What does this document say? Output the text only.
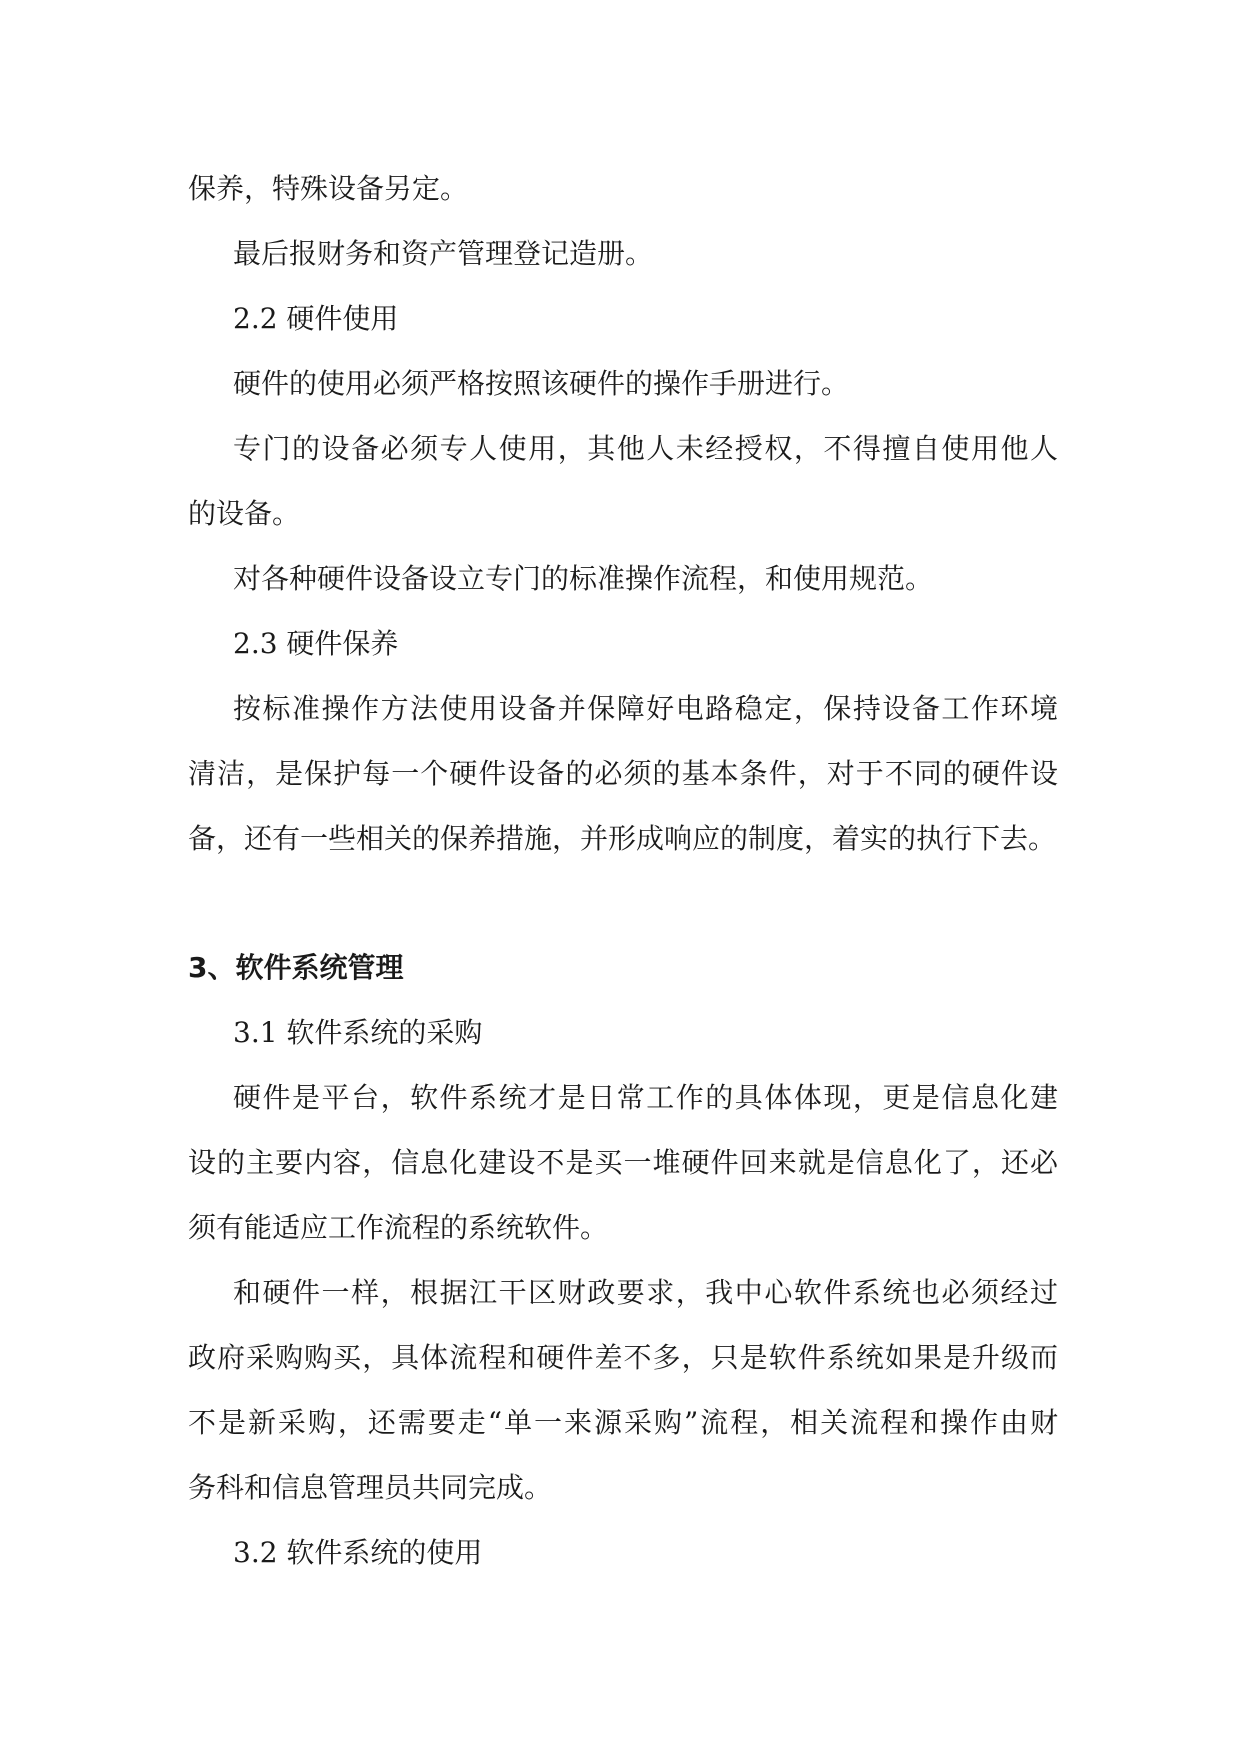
保养，特殊设备另定。
最后报财务和资产管理登记造册。
2.2 硬件使用
硬件的使用必须严格按照该硬件的操作手册进行。
专门的设备必须专人使用，其他人未经授权，不得擅自使用他人
的设备。
对各种硬件设备设立专门的标准操作流程，和使用规范。
2.3 硬件保养
按标准操作方法使用设备并保障好电路稳定，保持设备工作环境
清洁，是保护每一个硬件设备的必须的基本条件，对于不同的硬件设
备，还有一些相关的保养措施，并形成响应的制度，着实的执行下去。
3、软件系统管理
3.1 软件系统的采购
硬件是平台，软件系统才是日常工作的具体体现，更是信息化建
设的主要内容，信息化建设不是买一堆硬件回来就是信息化了，还必
须有能适应工作流程的系统软件。
和硬件一样，根据江干区财政要求，我中心软件系统也必须经过
政府采购购买，具体流程和硬件差不多，只是软件系统如果是升级而
不是新采购，还需要走“单一来源采购”流程，相关流程和操作由财
务科和信息管理员共同完成。
3.2 软件系统的使用
